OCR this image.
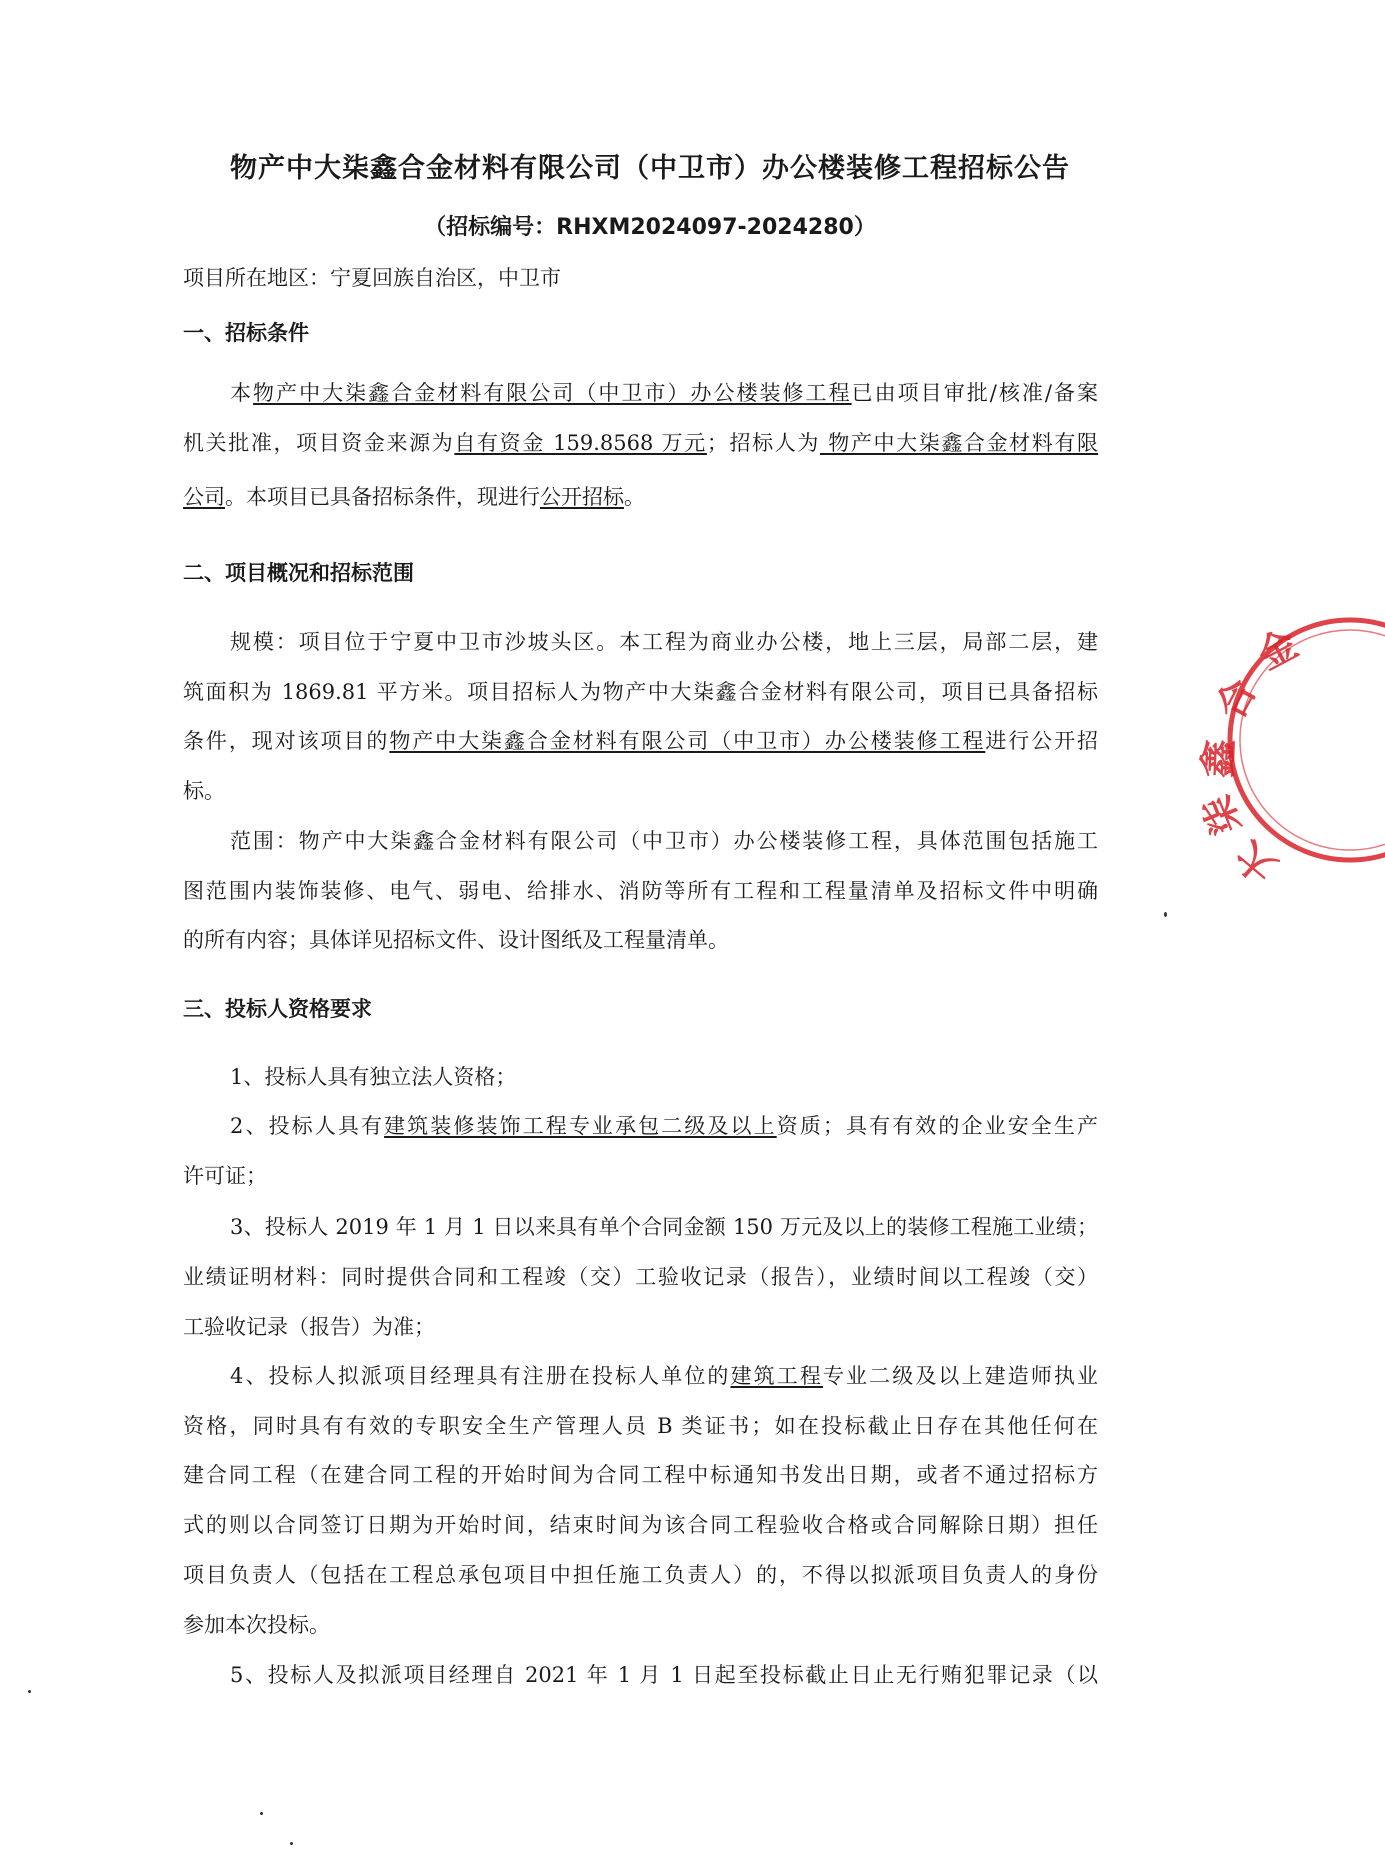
物产中大柒鑫合金材料有限公司（中卫市）办公楼装修工程招标公告
（招标编号：RHXM2024097-2024280）
项目所在地区：宁夏回族自治区，中卫市
一、招标条件
本物产中大柒鑫合金材料有限公司（中卫市）办公楼装修工程已由项目审批/核准/备案
机关批准，项目资金来源为自有资金 159.8568 万元；招标人为 物产中大柒鑫合金材料有限
公司。本项目已具备招标条件，现进行公开招标。
二、项目概况和招标范围
规模：项目位于宁夏中卫市沙坡头区。本工程为商业办公楼，地上三层，局部二层，建
筑面积为 1869.81 平方米。项目招标人为物产中大柒鑫合金材料有限公司，项目已具备招标
条件，现对该项目的物产中大柒鑫合金材料有限公司（中卫市）办公楼装修工程进行公开招
标。
范围：物产中大柒鑫合金材料有限公司（中卫市）办公楼装修工程，具体范围包括施工
图范围内装饰装修、电气、弱电、给排水、消防等所有工程和工程量清单及招标文件中明确
的所有内容；具体详见招标文件、设计图纸及工程量清单。
三、投标人资格要求
1、投标人具有独立法人资格；
2、投标人具有建筑装修装饰工程专业承包二级及以上资质；具有有效的企业安全生产
许可证；
3、投标人 2019 年 1 月 1 日以来具有单个合同金额 150 万元及以上的装修工程施工业绩；
业绩证明材料：同时提供合同和工程竣（交）工验收记录（报告），业绩时间以工程竣（交）
工验收记录（报告）为准；
4、投标人拟派项目经理具有注册在投标人单位的建筑工程专业二级及以上建造师执业
资格，同时具有有效的专职安全生产管理人员 B 类证书；如在投标截止日存在其他任何在
建合同工程（在建合同工程的开始时间为合同工程中标通知书发出日期，或者不通过招标方
式的则以合同签订日期为开始时间，结束时间为该合同工程验收合格或合同解除日期）担任
项目负责人（包括在工程总承包项目中担任施工负责人）的，不得以拟派项目负责人的身份
参加本次投标。
5、投标人及拟派项目经理自 2021 年 1 月 1 日起至投标截止日止无行贿犯罪记录（以
金
合
鑫
柒
大
